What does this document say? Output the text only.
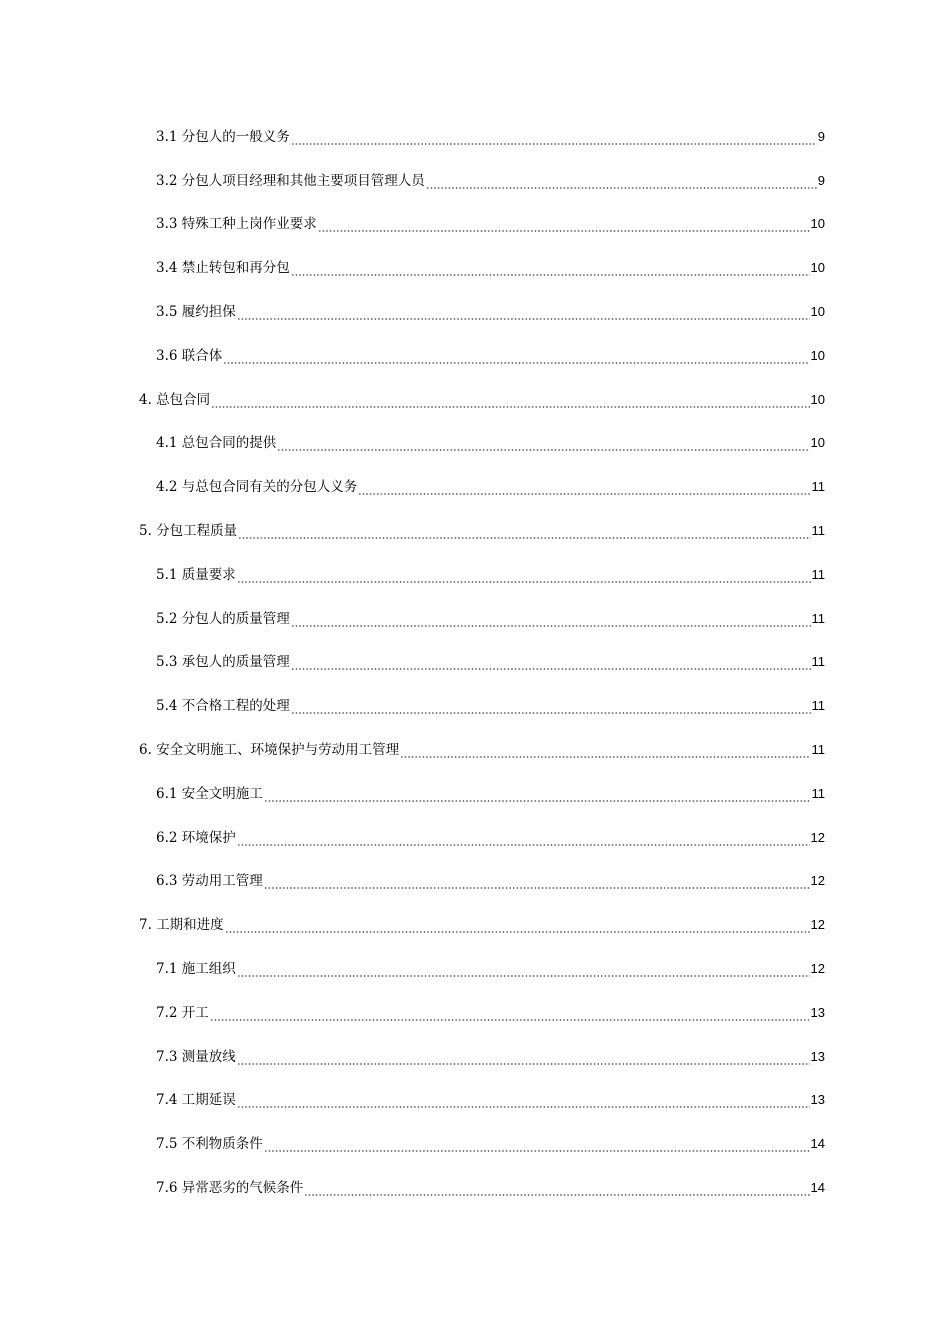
3.1 分包人的一般义务	9
3.2 分包人项目经理和其他主要项目管理人员	9
3.3 特殊工种上岗作业要求	10
3.4 禁止转包和再分包	10
3.5 履约担保	10
3.6 联合体	10
4. 总包合同	10
4.1 总包合同的提供	10
4.2 与总包合同有关的分包人义务	11
5. 分包工程质量	11
5.1 质量要求	11
5.2 分包人的质量管理	11
5.3 承包人的质量管理	11
5.4 不合格工程的处理	11
6. 安全文明施工、环境保护与劳动用工管理	11
6.1 安全文明施工	11
6.2 环境保护	12
6.3 劳动用工管理	12
7. 工期和进度	12
7.1 施工组织	12
7.2 开工	13
7.3 测量放线	13
7.4 工期延误	13
7.5 不利物质条件	14
7.6 异常恶劣的气候条件	14
